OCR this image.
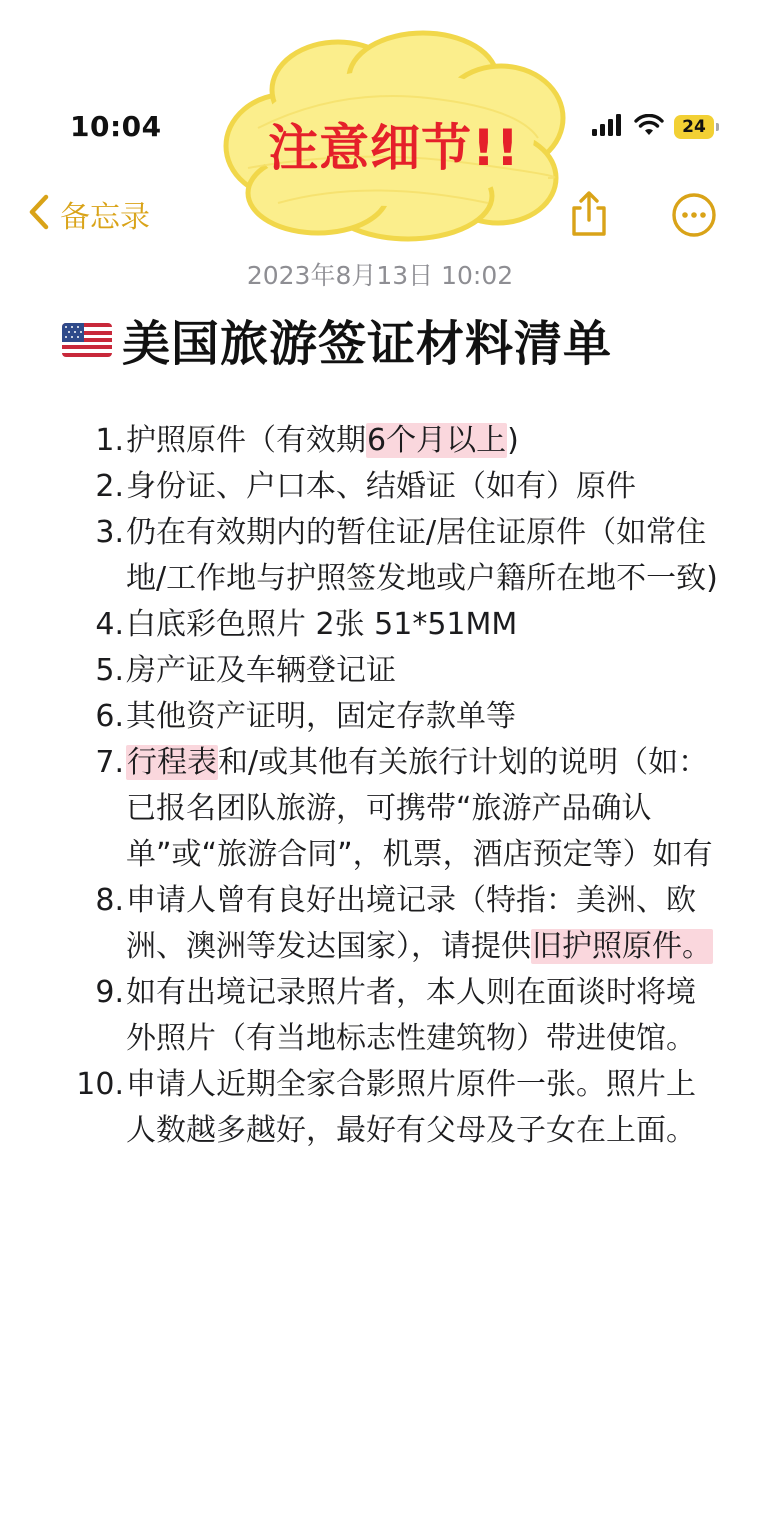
10:04	24
注意细节!!
备忘录
2023年8月13日 10:02
美国旅游签证材料清单
1. 护照原件（有效期6个月以上)
2. 身份证、户口本、结婚证（如有）原件
3. 仍在有效期内的暂住证/居住证原件（如常住地/工作地与护照签发地或户籍所在地不一致)
4. 白底彩色照片 2张 51*51MM
5. 房产证及车辆登记证
6. 其他资产证明，固定存款单等
7. 行程表和/或其他有关旅行计划的说明（如：已报名团队旅游，可携带“旅游产品确认单”或“旅游合同”，机票，酒店预定等）如有
8. 申请人曾有良好出境记录（特指：美洲、欧洲、澳洲等发达国家），请提供旧护照原件。
9. 如有出境记录照片者，本人则在面谈时将境外照片（有当地标志性建筑物）带进使馆。
10. 申请人近期全家合影照片原件一张。照片上人数越多越好，最好有父母及子女在上面。
